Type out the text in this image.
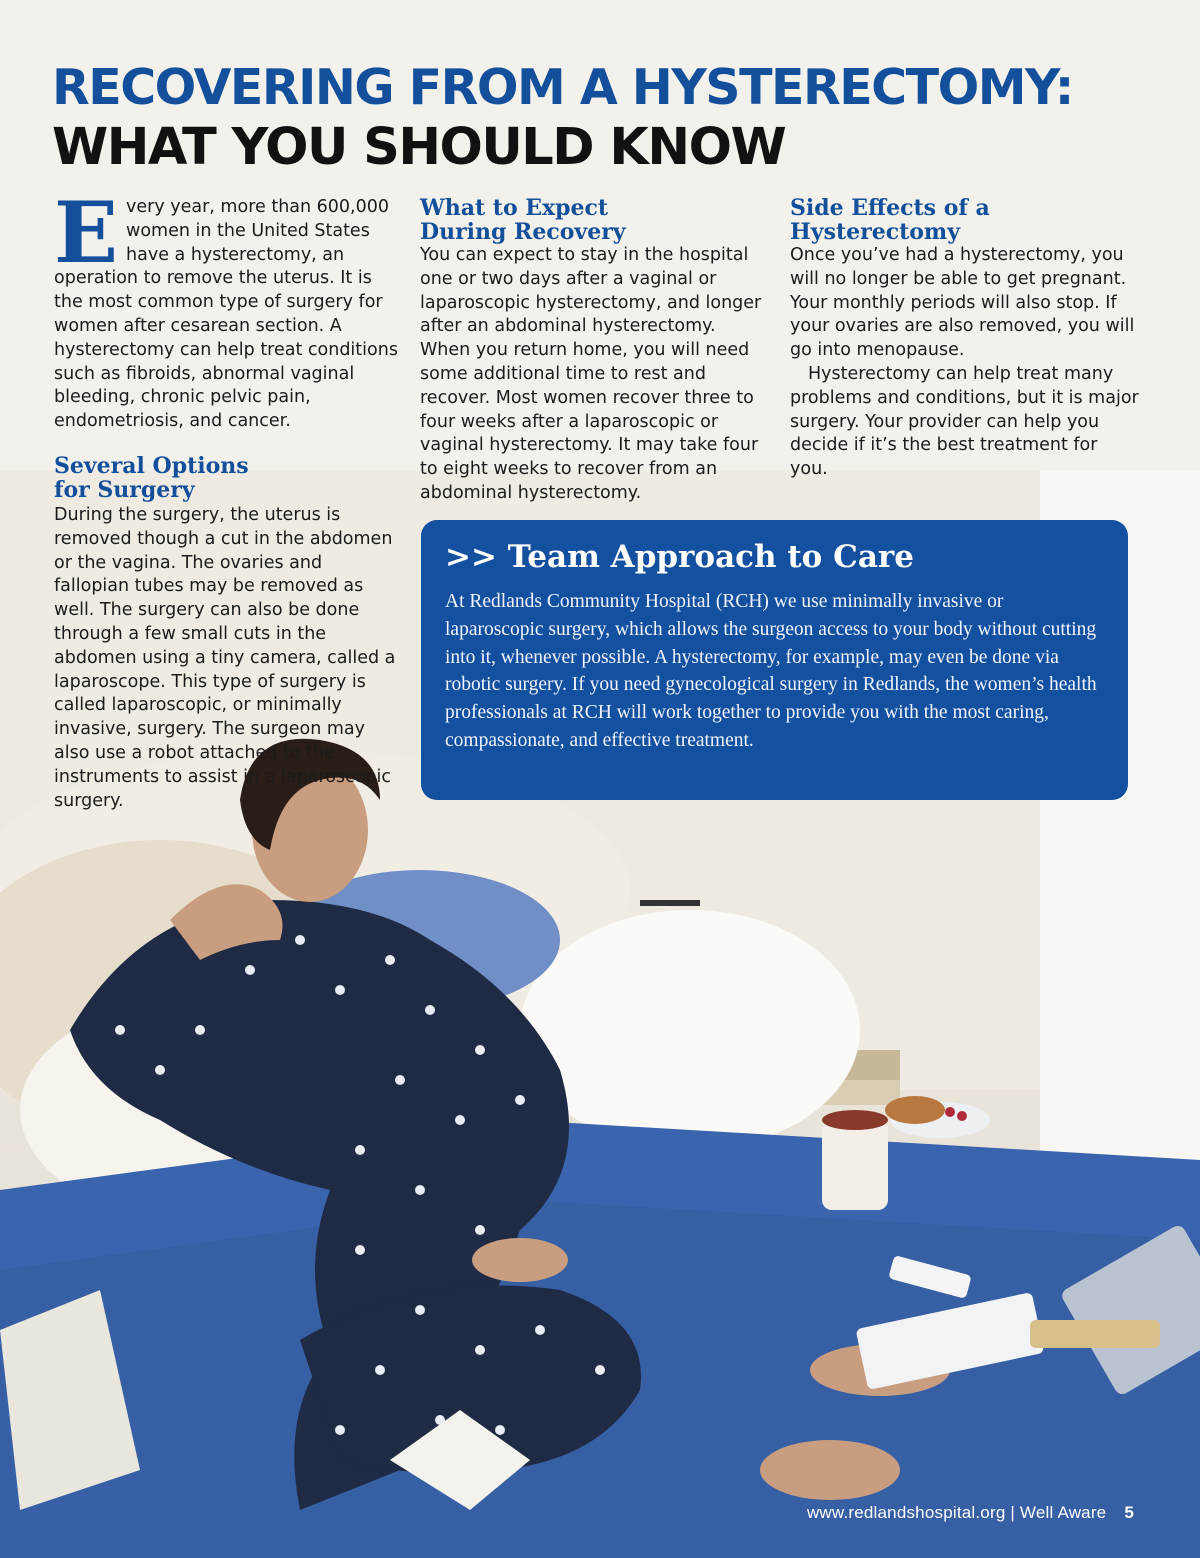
RECOVERING FROM A HYSTERECTOMY:
WHAT YOU SHOULD KNOW

Every year, more than 600,000 women in the United States have a hysterectomy, an operation to remove the uterus. It is the most common type of surgery for women after cesarean section. A hysterectomy can help treat conditions such as fibroids, abnormal vaginal bleeding, chronic pelvic pain, endometriosis, and cancer.

Several Options
for Surgery

During the surgery, the uterus is removed though a cut in the abdomen or the vagina. The ovaries and fallopian tubes may be removed as well. The surgery can also be done through a few small cuts in the abdomen using a tiny camera, called a laparoscope. This type of surgery is called laparoscopic, or minimally invasive, surgery. The surgeon may also use a robot attached to the instruments to assist in a laparoscopic surgery.

What to Expect
During Recovery

You can expect to stay in the hospital one or two days after a vaginal or laparoscopic hysterectomy, and longer after an abdominal hysterectomy. When you return home, you will need some additional time to rest and recover. Most women recover three to four weeks after a laparoscopic or vaginal hysterectomy. It may take four to eight weeks to recover from an abdominal hysterectomy.

Side Effects of a
Hysterectomy

Once you’ve had a hysterectomy, you will no longer be able to get pregnant. Your monthly periods will also stop. If your ovaries are also removed, you will go into menopause.

Hysterectomy can help treat many problems and conditions, but it is major surgery. Your provider can help you decide if it’s the best treatment for you.

>> Team Approach to Care

At Redlands Community Hospital (RCH) we use minimally invasive or laparoscopic surgery, which allows the surgeon access to your body without cutting into it, whenever possible. A hysterectomy, for example, may even be done via robotic surgery. If you need gynecological surgery in Redlands, the women’s health professionals at RCH will work together to provide you with the most caring, compassionate, and effective treatment.

www.redlandshospital.org | Well Aware 5
